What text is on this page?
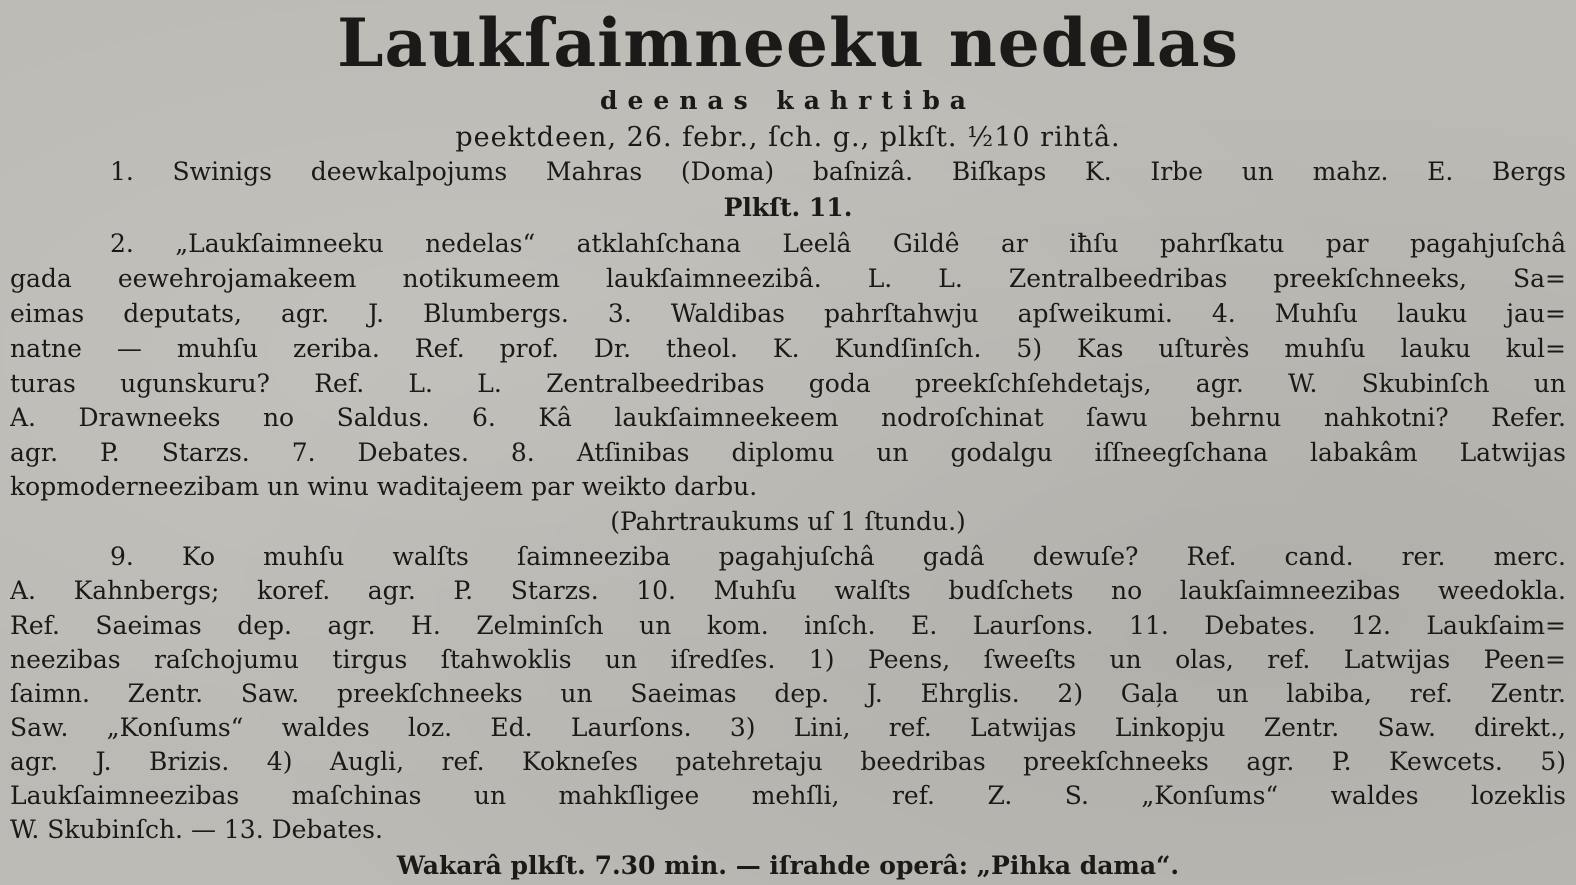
Laukſaimneeku nedelas
deenas kahrtiba
peektdeen, 26. febr., ſch. g., plkſt. ½10 rihtâ.
1. Swinigs deewkalpojums Mahras (Doma) baſnizâ. Biſkaps K. Irbe un mahz. E. Bergs
Plkſt. 11.
2. „Laukſaimneeku nedelas“ atklahſchana Leelâ Gildê ar iħſu pahrſkatu par pagahjuſchâ
gada eewehrojamakeem notikumeem laukſaimneezibâ. L. L. Zentralbeedribas preekſchneeks, Sa=
eimas deputats, agr. J. Blumbergs. 3. Waldibas pahrſtahwju apſweikumi. 4. Muhſu lauku jau=
natne — muhſu zeriba. Ref. prof. Dr. theol. K. Kundſinſch. 5) Kas uſturès muhſu lauku kul=
turas ugunskuru? Ref. L. L. Zentralbeedribas goda preekſchſehdetajs, agr. W. Skubinſch un
A. Drawneeks no Saldus. 6. Kâ laukſaimneekeem nodroſchinat ſawu behrnu nahkotni? Refer.
agr. P. Starzs. 7. Debates. 8. Atſinibas diplomu un godalgu iſſneegſchana labakâm Latwijas
kopmoderneezibam un winu waditajeem par weikto darbu.
(Pahrtraukums uſ 1 ſtundu.)
9. Ko muhſu walſts ſaimneeziba pagahjuſchâ gadâ dewuſe? Ref. cand. rer. merc.
A. Kahnbergs; koref. agr. P. Starzs. 10. Muhſu walſts budſchets no laukſaimneezibas weedokla.
Ref. Saeimas dep. agr. H. Zelminſch un kom. inſch. E. Laurſons. 11. Debates. 12. Laukſaim=
neezibas raſchojumu tirgus ſtahwoklis un iſredſes. 1) Peens, ſweeſts un olas, ref. Latwijas Peen=
ſaimn. Zentr. Saw. preekſchneeks un Saeimas dep. J. Ehrglis. 2) Gaļa un labiba, ref. Zentr.
Saw. „Konſums“ waldes loz. Ed. Laurſons. 3) Lini, ref. Latwijas Linkopju Zentr. Saw. direkt.,
agr. J. Brizis. 4) Augli, ref. Kokneſes patehretaju beedribas preekſchneeks agr. P. Kewcets. 5)
Laukſaimneezibas maſchinas un mahkſligee mehſli, ref. Z. S. „Konſums“ waldes lozeklis
W. Skubinſch. — 13. Debates.
Wakarâ plkſt. 7.30 min. — iſrahde operâ: „Pihka dama“.
